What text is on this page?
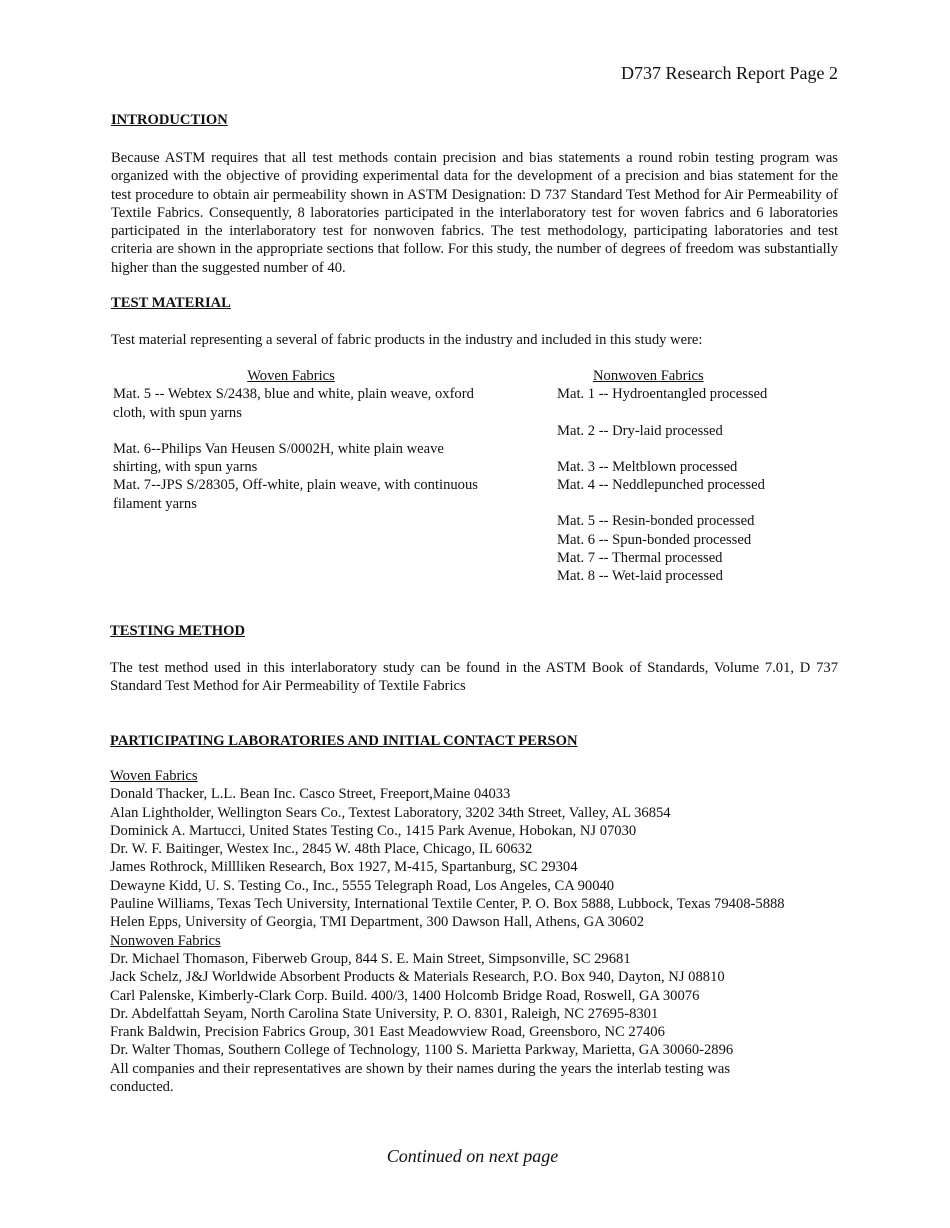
D737 Research Report Page 2
INTRODUCTION
Because ASTM requires that all test methods contain precision and bias statements a round robin testing program was organized with the objective of providing experimental data for the development of a precision and bias statement for the test procedure to obtain air permeability shown in ASTM Designation: D 737 Standard Test Method for Air Permeability of Textile Fabrics. Consequently, 8 laboratories participated in the interlaboratory test for woven fabrics and 6 laboratories participated in the interlaboratory test for nonwoven fabrics. The test methodology, participating laboratories and test criteria are shown in the appropriate sections that follow. For this study, the number of degrees of freedom was substantially higher than the suggested number of 40.
TEST MATERIAL
Test material representing a several of fabric products in the industry and included in this study were:
Woven Fabrics
Mat. 5 -- Webtex S/2438, blue and white, plain weave, oxford cloth, with spun yarns
Mat. 6--Philips Van Heusen S/0002H, white plain weave shirting, with spun yarns
Mat. 7--JPS S/28305, Off-white, plain weave, with continuous filament yarns
Nonwoven Fabrics
Mat. 1 -- Hydroentangled processed
Mat. 2 -- Dry-laid processed
Mat. 3 -- Meltblown processed
Mat. 4 -- Neddlepunched processed
Mat. 5 -- Resin-bonded processed
Mat. 6 -- Spun-bonded processed
Mat. 7 -- Thermal processed
Mat. 8 -- Wet-laid processed
TESTING METHOD
The test method used in this interlaboratory study can be found in the ASTM Book of Standards, Volume 7.01, D 737 Standard Test Method for Air Permeability of Textile Fabrics
PARTICIPATING LABORATORIES AND INITIAL CONTACT PERSON
Woven Fabrics
Donald Thacker, L.L. Bean Inc. Casco Street, Freeport,Maine 04033
Alan Lightholder, Wellington Sears Co., Textest Laboratory, 3202 34th Street, Valley, AL 36854
Dominick A. Martucci, United States Testing Co., 1415 Park Avenue, Hobokan, NJ 07030
Dr. W. F. Baitinger, Westex Inc., 2845 W. 48th Place, Chicago, IL 60632
James Rothrock, Millliken Research, Box 1927, M-415, Spartanburg, SC 29304
Dewayne Kidd, U. S. Testing Co., Inc., 5555 Telegraph Road, Los Angeles, CA 90040
Pauline Williams, Texas Tech University, International Textile Center, P. O. Box 5888, Lubbock, Texas 79408-5888
Helen Epps, University of Georgia, TMI Department, 300 Dawson Hall, Athens, GA 30602
Nonwoven Fabrics
Dr. Michael Thomason, Fiberweb Group, 844 S. E. Main Street, Simpsonville, SC 29681
Jack Schelz, J&J Worldwide Absorbent Products & Materials Research, P.O. Box 940, Dayton, NJ 08810
Carl Palenske, Kimberly-Clark Corp. Build. 400/3, 1400 Holcomb Bridge Road, Roswell, GA 30076
Dr. Abdelfattah Seyam, North Carolina State University, P. O. 8301, Raleigh, NC 27695-8301
Frank Baldwin, Precision Fabrics Group, 301 East Meadowview Road, Greensboro, NC 27406
Dr. Walter Thomas, Southern College of Technology, 1100 S. Marietta Parkway, Marietta, GA 30060-2896
All companies and their representatives are shown by their names during the years the interlab testing was conducted.
Continued on next page
